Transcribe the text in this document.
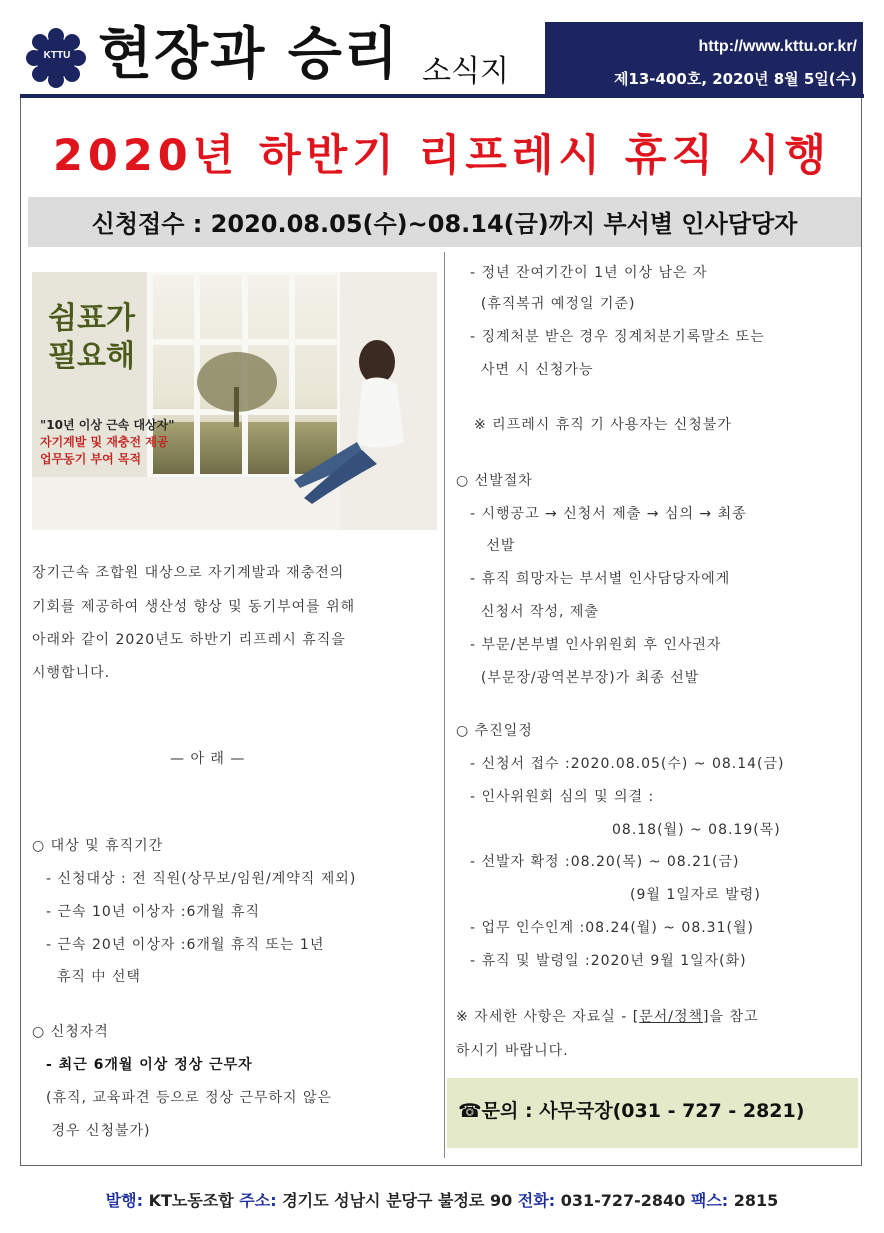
KTTU 현장과 승리 소식지
http://www.kttu.or.kr/
제13-400호, 2020년 8월 5일(수)
2020년 하반기 리프레시 휴직 시행
신청접수 : 2020.08.05(수)~08.14(금)까지 부서별 인사담당자
쉼표가
필요해
"10년 이상 근속 대상자"
자기계발 및 재충전 제공
업무동기 부여 목적
장기근속 조합원 대상으로 자기계발과 재충전의
기회를 제공하여 생산성 향상 및 동기부여를 위해
아래와 같이 2020년도 하반기 리프레시 휴직을
시행합니다.
— 아 래 —
○ 대상 및 휴직기간
- 신청대상 : 전 직원(상무보/임원/계약직 제외)
- 근속 10년 이상자 :6개월 휴직
- 근속 20년 이상자 :6개월 휴직 또는 1년
휴직 中 선택
○ 신청자격
- 최근 6개월 이상 정상 근무자
(휴직, 교육파견 등으로 정상 근무하지 않은
경우 신청불가)
- 정년 잔여기간이 1년 이상 남은 자
(휴직복귀 예정일 기준)
- 징계처분 받은 경우 징계처분기록말소 또는
사면 시 신청가능
※ 리프레시 휴직 기 사용자는 신청불가
○ 선발절차
- 시행공고 → 신청서 제출 → 심의 → 최종
선발
- 휴직 희망자는 부서별 인사담당자에게
신청서 작성, 제출
- 부문/본부별 인사위원회 후 인사권자
(부문장/광역본부장)가 최종 선발
○ 추진일정
- 신청서 접수 :2020.08.05(수) ~ 08.14(금)
- 인사위원회 심의 및 의결 :
08.18(월) ~ 08.19(목)
- 선발자 확정 :08.20(목) ~ 08.21(금)
(9월 1일자로 발령)
- 업무 인수인계 :08.24(월) ~ 08.31(월)
- 휴직 및 발령일 :2020년 9월 1일자(화)
※ 자세한 사항은 자료실 - [문서/정책]을 참고
하시기 바랍니다.
☎문의 : 사무국장(031 - 727 - 2821)
발행: KT노동조합 주소: 경기도 성남시 분당구 불정로 90 전화: 031-727-2840 팩스: 2815
